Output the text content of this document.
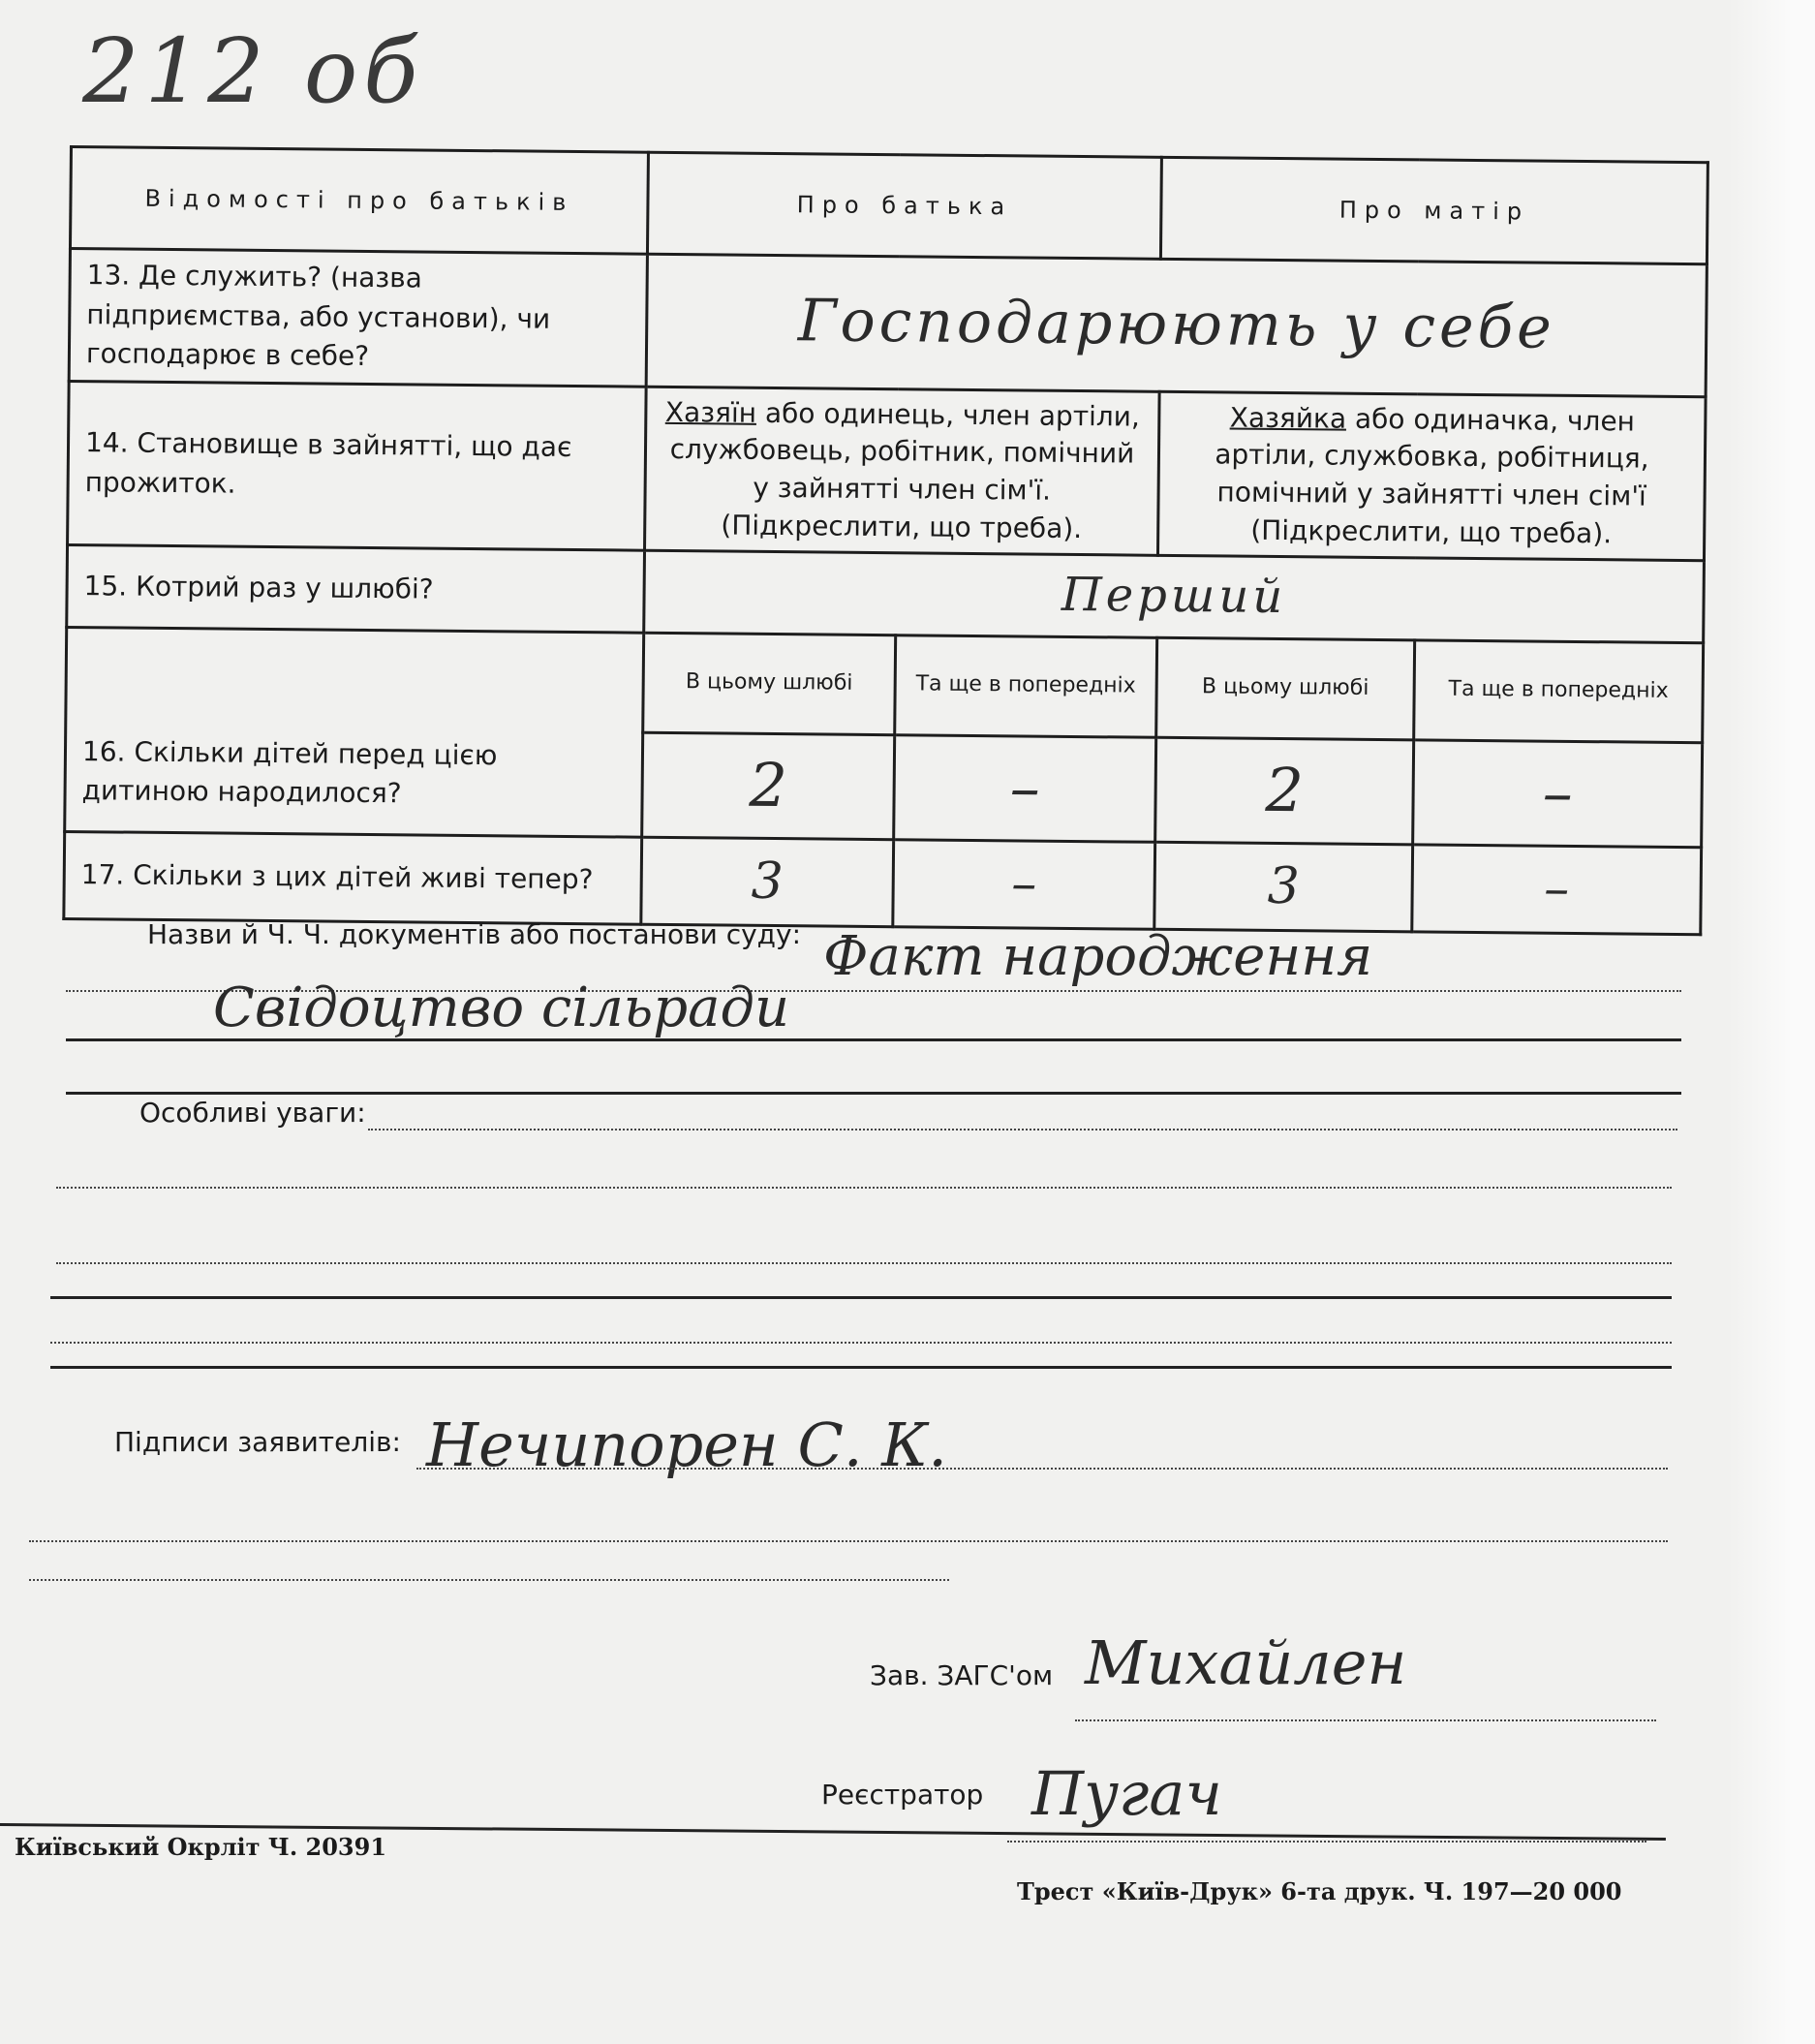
212 об
Відомості про батьків	Про батька		Про матір	
13. Де служить? (назва підприємства, або установи), чи господарює в себе?	Господарюють у себе			
14. Становище в зайнятті, що дає прожиток.	Хазяїн або одинець, член артіли, службовець, робітник, помічний у зайнятті член сім'ї. (Підкреслити, що треба).		Хазяйка або одиначка, член артіли, службовка, робітниця, помічний у зайнятті член сім'ї (Підкреслити, що треба).	
15. Котрий раз у шлюбі?	Перший			
16. Скільки дітей перед цією дитиною народилося?	В цьому шлюбі	Та ще в попередніх	В цьому шлюбі	Та ще в попередніх
	2	–	2	–
17. Скільки з цих дітей живі тепер?	3	–	3	–
Назви й Ч. Ч. документів або постанови суду: Факт народження
Свідоцтво сільради
Особливі уваги:
Підписи заявителів: Нечипорен С. К.
Зав. ЗАГС'ом Михайлен
Реєстратор Пугач
Київський Окрліт Ч. 20391
Трест «Київ-Друк» 6-та друк. Ч. 197—20 000
